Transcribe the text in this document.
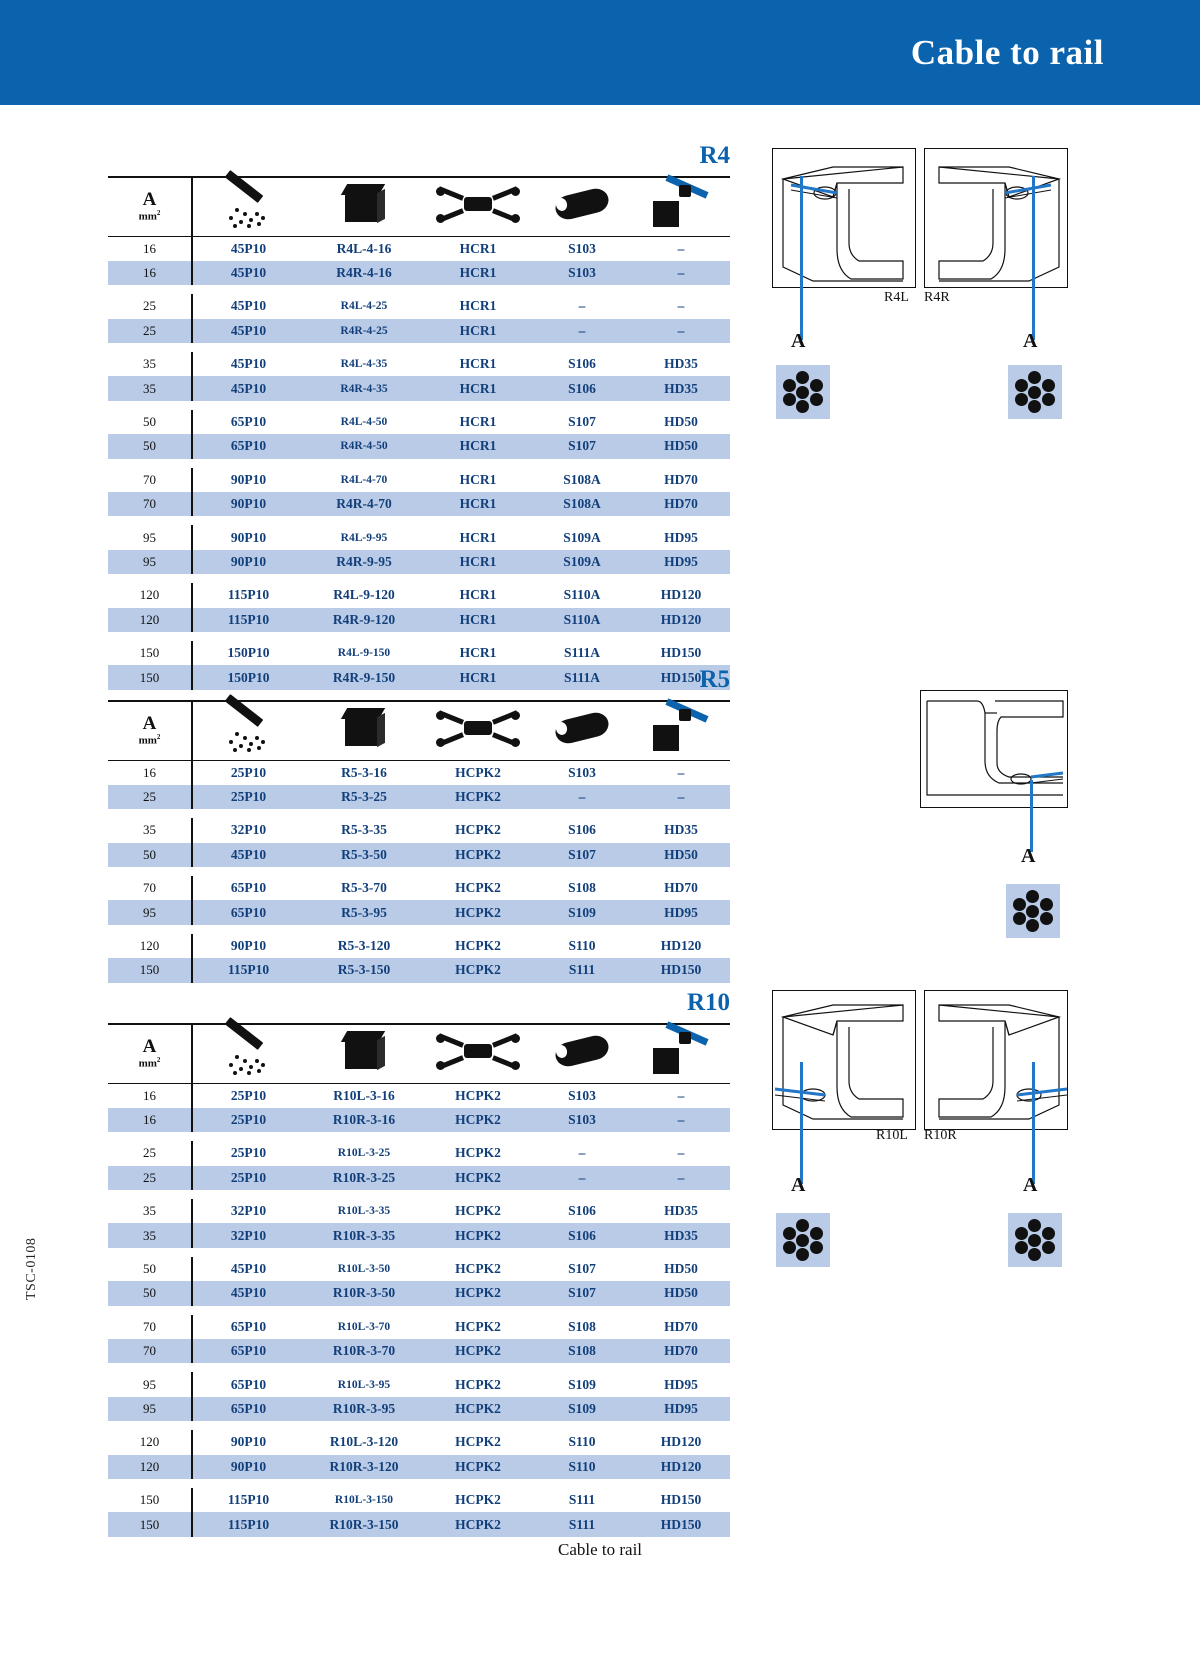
Cable to rail
TSC-0108
R4
A
$mm^2$

16	45P10	R4L-4-16	HCR1	S103	–
16	45P10	R4R-4-16	HCR1	S103	–

25	45P10	R4L-4-25	HCR1	–	–
25	45P10	R4R-4-25	HCR1	–	–

35	45P10	R4L-4-35	HCR1	S106	HD35
35	45P10	R4R-4-35	HCR1	S106	HD35

50	65P10	R4L-4-50	HCR1	S107	HD50
50	65P10	R4R-4-50	HCR1	S107	HD50

70	90P10	R4L-4-70	HCR1	S108A	HD70
70	90P10	R4R-4-70	HCR1	S108A	HD70

95	90P10	R4L-9-95	HCR1	S109A	HD95
95	90P10	R4R-9-95	HCR1	S109A	HD95

120	115P10	R4L-9-120	HCR1	S110A	HD120
120	115P10	R4R-9-120	HCR1	S110A	HD120

150	150P10	R4L-9-150	HCR1	S111A	HD150
150	150P10	R4R-9-150	HCR1	S111A	HD150
R5
A
$mm^2$

16	25P10	R5-3-16	HCPK2	S103	–
25	25P10	R5-3-25	HCPK2	–	–

35	32P10	R5-3-35	HCPK2	S106	HD35
50	45P10	R5-3-50	HCPK2	S107	HD50

70	65P10	R5-3-70	HCPK2	S108	HD70
95	65P10	R5-3-95	HCPK2	S109	HD95

120	90P10	R5-3-120	HCPK2	S110	HD120
150	115P10	R5-3-150	HCPK2	S111	HD150
R10
A
$mm^2$

16	25P10	R10L-3-16	HCPK2	S103	–
16	25P10	R10R-3-16	HCPK2	S103	–

25	25P10	R10L-3-25	HCPK2	–	–
25	25P10	R10R-3-25	HCPK2	–	–

35	32P10	R10L-3-35	HCPK2	S106	HD35
35	32P10	R10R-3-35	HCPK2	S106	HD35

50	45P10	R10L-3-50	HCPK2	S107	HD50
50	45P10	R10R-3-50	HCPK2	S107	HD50

70	65P10	R10L-3-70	HCPK2	S108	HD70
70	65P10	R10R-3-70	HCPK2	S108	HD70

95	65P10	R10L-3-95	HCPK2	S109	HD95
95	65P10	R10R-3-95	HCPK2	S109	HD95

120	90P10	R10L-3-120	HCPK2	S110	HD120
120	90P10	R10R-3-120	HCPK2	S110	HD120

150	115P10	R10L-3-150	HCPK2	S111	HD150
150	115P10	R10R-3-150	HCPK2	S111	HD150
R4L
A
R4R
A
A
R10L
A
R10R
A
Cable to rail
